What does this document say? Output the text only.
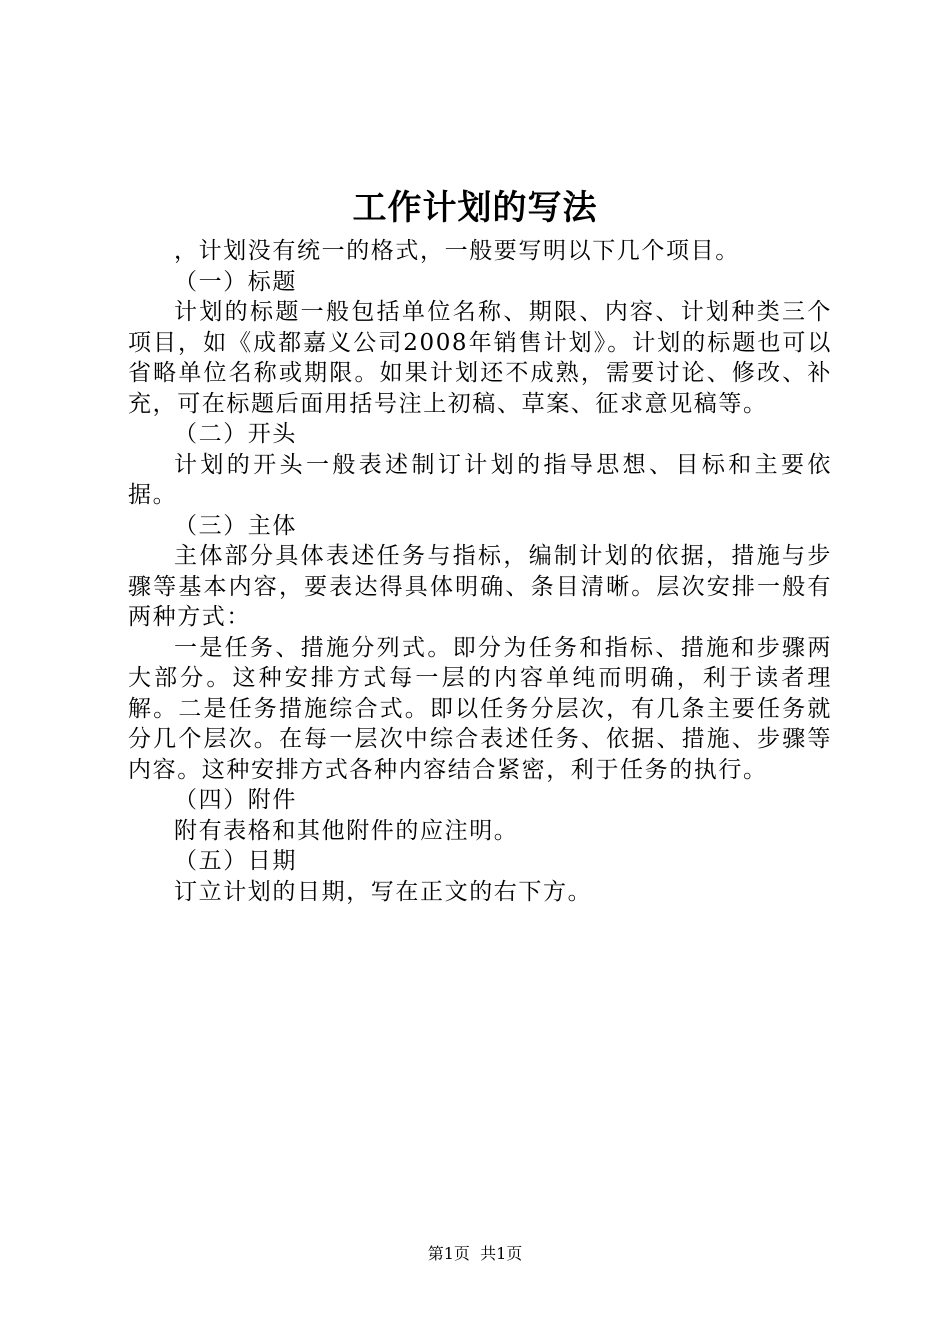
工作计划的写法

，计划没有统一的格式，一般要写明以下几个项目。

（一）标题

计划的标题一般包括单位名称、期限、内容、计划种类三个项目，如《成都嘉义公司2008年销售计划》。计划的标题也可以省略单位名称或期限。如果计划还不成熟，需要讨论、修改、补充，可在标题后面用括号注上初稿、草案、征求意见稿等。

（二）开头

计划的开头一般表述制订计划的指导思想、目标和主要依据。

（三）主体

主体部分具体表述任务与指标，编制计划的依据，措施与步骤等基本内容，要表达得具体明确、条目清晰。层次安排一般有两种方式：

一是任务、措施分列式。即分为任务和指标、措施和步骤两大部分。这种安排方式每一层的内容单纯而明确，利于读者理解。二是任务措施综合式。即以任务分层次，有几条主要任务就分几个层次。在每一层次中综合表述任务、依据、措施、步骤等内容。这种安排方式各种内容结合紧密，利于任务的执行。

（四）附件

附有表格和其他附件的应注明。

（五）日期

订立计划的日期，写在正文的右下方。

第1页 共1页
